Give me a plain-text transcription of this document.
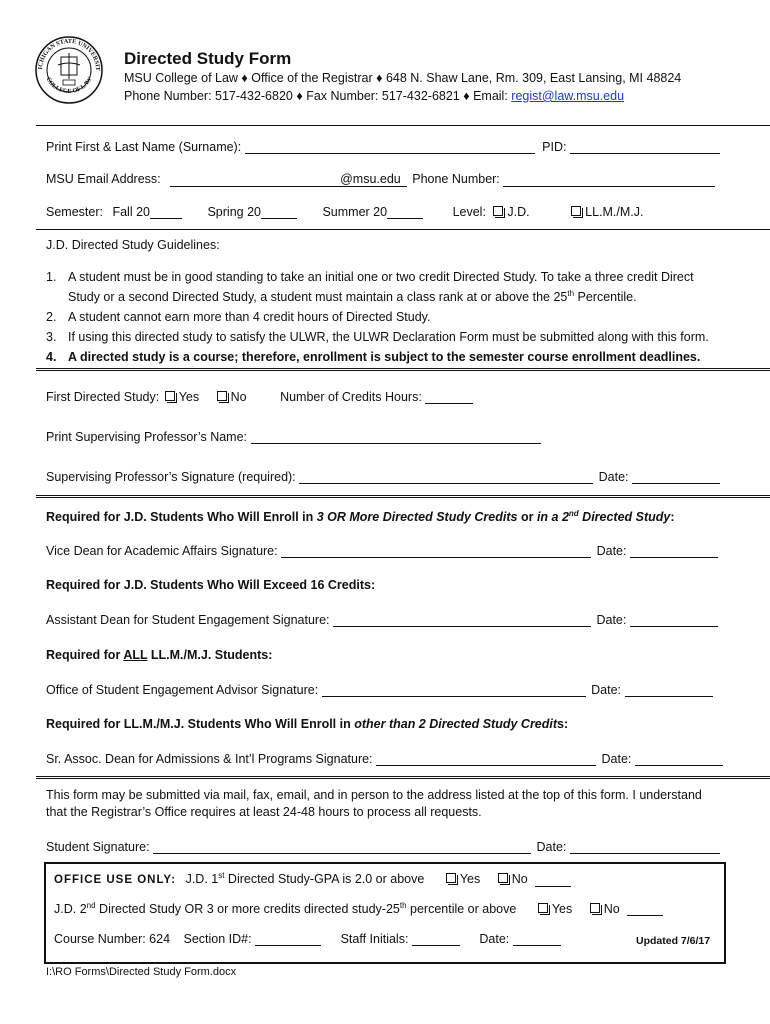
ICHIGAN STATE UNIVERSIT
COLLEGE OF LAW
Directed Study Form
MSU College of Law ♦ Office of the Registrar ♦ 648 N. Shaw Lane, Rm. 309, East Lansing, MI 48824
Phone Number: 517-432-6820 ♦ Fax Number: 517-432-6821 ♦ Email: regist@law.msu.edu
Print First & Last Name (Surname):	PID:
MSU Email Address:	@msu.edu Phone Number:
Semester: Fall 20	Spring 20	Summer 20	Level: J.D.	LL.M./M.J.
J.D. Directed Study Guidelines:
1. A student must be in good standing to take an initial one or two credit Directed Study. To take a three credit Direct
Study or a second Directed Study, a student must maintain a class rank at or above the 25th Percentile.
2. A student cannot earn more than 4 credit hours of Directed Study.
3. If using this directed study to satisfy the ULWR, the ULWR Declaration Form must be submitted along with this form.
4. A directed study is a course; therefore, enrollment is subject to the semester course enrollment deadlines.
First Directed Study: Yes	No	Number of Credits Hours:
Print Supervising Professor’s Name:
Supervising Professor’s Signature (required):	Date:
Required for J.D. Students Who Will Enroll in 3 OR More Directed Study Credits or in a 2nd Directed Study:
Vice Dean for Academic Affairs Signature:	Date:
Required for J.D. Students Who Will Exceed 16 Credits:
Assistant Dean for Student Engagement Signature:	Date:
Required for ALL LL.M./M.J. Students:
Office of Student Engagement Advisor Signature:	Date:
Required for LL.M./M.J. Students Who Will Enroll in other than 2 Directed Study Credits:
Sr. Assoc. Dean for Admissions & Int’l Programs Signature:	Date:
This form may be submitted via mail, fax, email, and in person to the address listed at the top of this form. I understand
that the Registrar’s Office requires at least 24-48 hours to process all requests.
Student Signature:	Date:
OFFICE USE ONLY: J.D. 1st Directed Study-GPA is 2.0 or above	Yes	No
J.D. 2nd Directed Study OR 3 or more credits directed study-25th percentile or above	Yes	No
Course Number: 624 Section ID#:	Staff Initials:	Date:	Updated 7/6/17
I:\RO Forms\Directed Study Form.docx
